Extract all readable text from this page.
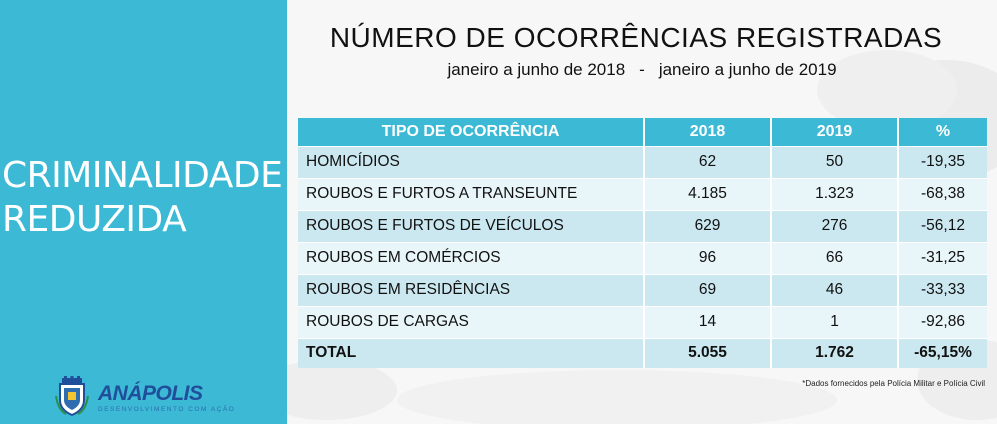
CRIMINALIDADE
REDUZIDA
ANÁPOLIS
DESENVOLVIMENTO COM AÇÃO
NÚMERO DE OCORRÊNCIAS REGISTRADAS
janeiro a junho de 2018 - janeiro a junho de 2019
TIPO DE OCORRÊNCIA	2018	2019	%
HOMICÍDIOS	62	50	-19,35
ROUBOS E FURTOS A TRANSEUNTE	4.185	1.323	-68,38
ROUBOS E FURTOS DE VEÍCULOS	629	276	-56,12
ROUBOS EM COMÉRCIOS	96	66	-31,25
ROUBOS EM RESIDÊNCIAS	69	46	-33,33
ROUBOS DE CARGAS	14	1	-92,86
TOTAL	5.055	1.762	-65,15%
*Dados fornecidos pela Polícia Militar e Polícia Civil
